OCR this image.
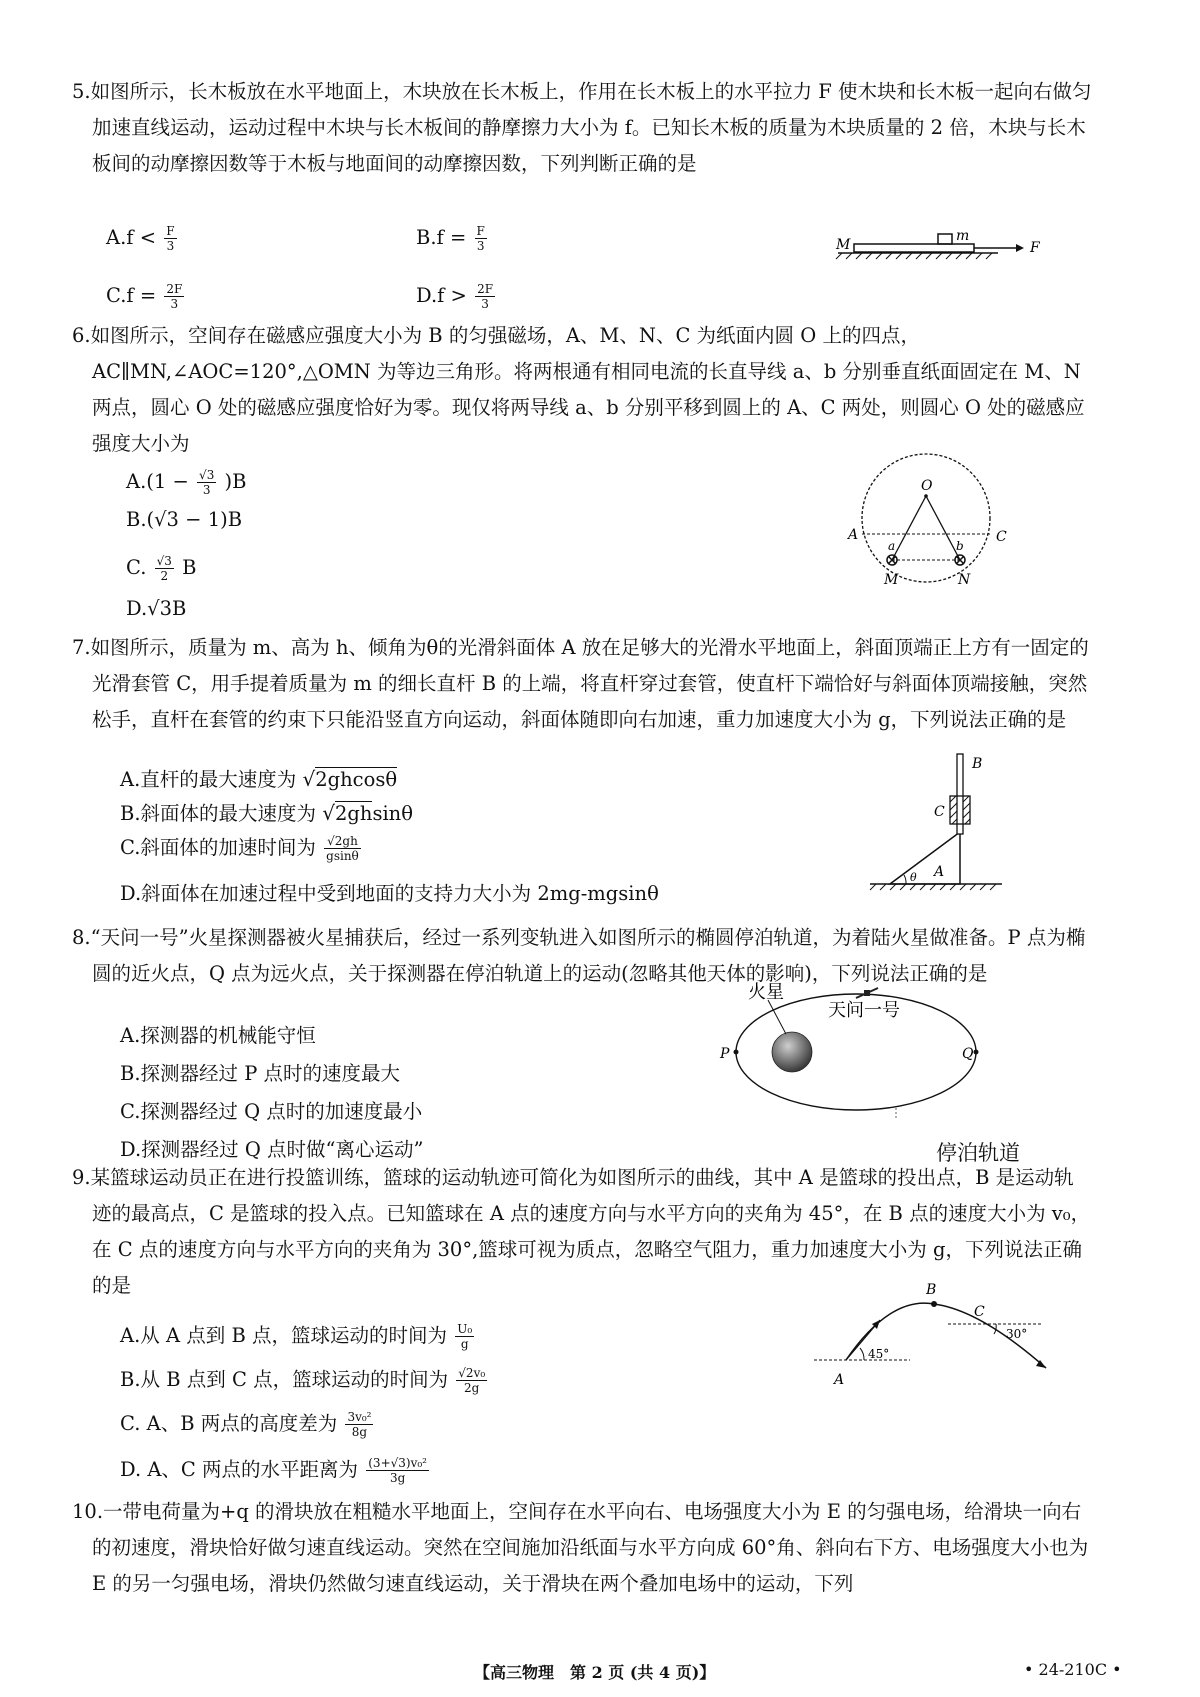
5.如图所示，长木板放在水平地面上，木块放在长木板上，作用在长木板上的水平拉力 F 使木块和长木板一起向右做匀加速直线运动，运动过程中木块与长木板间的静摩擦力大小为 f。已知长木板的质量为木块质量的 2 倍，木块与长木板间的动摩擦因数等于木板与地面间的动摩擦因数，下列判断正确的是

$A.f < \frac{F}{3}$	$B.f = \frac{F}{3}$
$C.f = \frac{2F}{3}$	$D.f > \frac{2F}{3}$
M
m
F

6.如图所示，空间存在磁感应强度大小为 B 的匀强磁场，A、M、N、C 为纸面内圆 O 上的四点，AC∥MN,∠AOC=120°,△OMN 为等边三角形。将两根通有相同电流的长直导线 a、b 分别垂直纸面固定在 M、N 两点，圆心 O 处的磁感应强度恰好为零。现仅将两导线 a、b 分别平移到圆上的 A、C 两处，则圆心 O 处的磁感应强度大小为

$A.(1 - \frac{√3}{3} )B$
B.(√3 − 1)B
C. $\frac{√3}{2}$ B
D.√3B
O
A	C
a	b
M	N

7.如图所示，质量为 m、高为 h、倾角为θ的光滑斜面体 A 放在足够大的光滑水平地面上，斜面顶端正上方有一固定的光滑套管 C，用手提着质量为 m 的细长直杆 B 的上端，将直杆穿过套管，使直杆下端恰好与斜面体顶端接触，突然松手，直杆在套管的约束下只能沿竖直方向运动，斜面体随即向右加速，重力加速度大小为 g，下列说法正确的是

A.直杆的最大速度为 √2ghcosθ
B.斜面体的最大速度为 √2ghsinθ
C.斜面体的加速时间为 $\frac{√2gh}{gsin\theta}$
D.斜面体在加速过程中受到地面的支持力大小为 2mg-mgsinθ
B
C
A
θ

8.“天问一号”火星探测器被火星捕获后，经过一系列变轨进入如图所示的椭圆停泊轨道，为着陆火星做准备。P 点为椭圆的近火点，Q 点为远火点，关于探测器在停泊轨道上的运动(忽略其他天体的影响)，下列说法正确的是

A.探测器的机械能守恒
B.探测器经过 P 点时的速度最大
C.探测器经过 Q 点时的加速度最小
D.探测器经过 Q 点时做“离心运动”
火星
天问一号
P	Q
停泊轨道

9.某篮球运动员正在进行投篮训练，篮球的运动轨迹可简化为如图所示的曲线，其中 A 是篮球的投出点，B 是运动轨迹的最高点，C 是篮球的投入点。已知篮球在 A 点的速度方向与水平方向的夹角为 45°，在 B 点的速度大小为 v₀，在 C 点的速度方向与水平方向的夹角为 30°,篮球可视为质点，忽略空气阻力，重力加速度大小为 g，下列说法正确的是

A.从 A 点到 B 点，篮球运动的时间为 $\frac{\text{U₀}}{g}$
B.从 B 点到 C 点，篮球运动的时间为 $\frac{\text{√2v₀}}{2g}$
C. A、B 两点的高度差为 $\frac{\text{3v₀²}}{8g}$
D. A、C 两点的水平距离为 $\frac{\text{(3+√3)v₀²}}{3g}$
B
C
A
45°
30°

10.一带电荷量为+q 的滑块放在粗糙水平地面上，空间存在水平向右、电场强度大小为 E 的匀强电场，给滑块一向右的初速度，滑块恰好做匀速直线运动。突然在空间施加沿纸面与水平方向成 60°角、斜向右下方、电场强度大小也为 E 的另一匀强电场，滑块仍然做匀速直线运动，关于滑块在两个叠加电场中的运动，下列

【高三物理　第 2 页 (共 4 页)】	• 24-210C •
